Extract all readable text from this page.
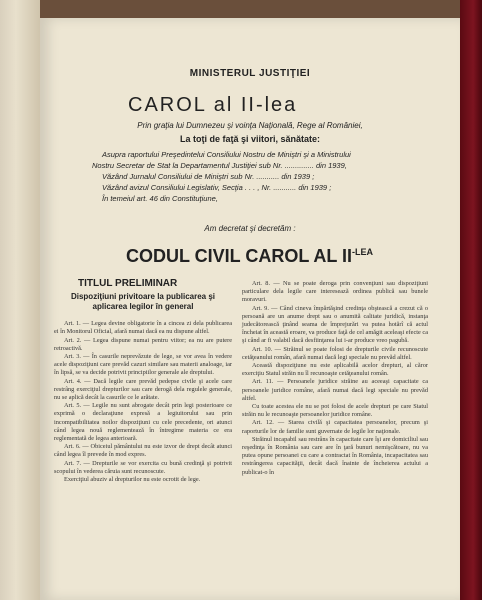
MINISTERUL JUSTIŢIEI
CAROL al II-lea
Prin graţia lui Dumnezeu şi voinţa Naţională, Rege al României,
La toţi de faţă şi viitori, sănătate:
Asupra raportului Preşedintelui Consiliului Nostru de Miniştri şi a Ministrului
Nostru Secretar de Stat la Departamentul Justiţiei sub Nr. .............. din 1939,
Văzând Jurnalul Consiliului de Miniştri sub Nr. ........... din 1939 ;
Văzând avizul Consiliului Legislativ, Secţia . . . , Nr. ........... din 1939 ;
În temeiul art. 46 din Constituţiune,
Am decretat şi decretăm :
CODUL CIVIL CAROL AL $II^{-LEA}$
TITLUL PRELIMINAR
Dispoziţiuni privitoare la publicarea şi aplicarea legilor în general

Art. 1. — Legea devine obligatorie în a cincea zi dela publicarea ei în Monitorul Oficial, afară numai dacă ea nu dispune altfel.

Art. 2. — Legea dispune numai pentru viitor; ea nu are putere retroactivă.

Art. 3. — În casurile neprevăzute de lege, se vor avea în vedere acele dispoziţiuni care prevăd cazuri similare sau materii analoage, iar în lipsă, se va decide potrivit principiilor generale ale dreptului.

Art. 4. — Dacă legile care prevăd pedepse civile şi acele care restrâng exerciţiul drepturilor sau care derogă dela regulele generale, nu se aplică decât la casurile ce le arătate.

Art. 5. — Legile nu sunt abrogate decât prin legi posterioare ce exprimă o declaraţiune expresă a legiuitorului sau prin incompatibilitatea noilor dispoziţiuni cu cele precedente, ori atunci când legea nouă reglementează în întregime materia ce era reglementată de legea anterioară.

Art. 6. — Obiceiul pământului nu este izvor de drept decât atunci când legea îl prevede în mod expres.

Art. 7. — Drepturile se vor exercita cu bună credinţă şi potrivit scopului în vederea căruia sunt recunoscute.

Exerciţiul abuziv al drepturilor nu este ocrotit de lege.

Art. 8. — Nu se poate deroga prin convenţiuni sau dispoziţiuni particulare dela legile care interesează ordinea publică sau bunele moravuri.

Art. 9. — Când cineva împărtăşind credinţa obştească a crezut că o persoană are un anume drept sau o anumită calitate juridică, instanţa judecătorească ţinând seama de împrejurări va putea hotărî că actul încheiat în această eroare, va produce faţă de cel amăgit aceleaşi efecte ca şi când ar fi valabil dacă desfiinţarea lui i-ar produce vreo pagubă.

Art. 10. — Străinul se poate folosi de drepturile civile recunoscute cetăţeanului român, afară numai dacă legi speciale nu prevăd altfel.

Această dispoziţiune nu este aplicabilă acelor drepturi, al căror exerciţiu Statul străin nu îl recunoaşte cetăţeanului român.

Art. 11. — Persoanele juridice străine au aceeaşi capacitate ca persoanele juridice române, afară numai dacă legi speciale nu prevăd altfel.

Cu toate acestea ele nu se pot folosi de acele drepturi pe care Statul străin nu le recunoaşte persoanelor juridice române.

Art. 12. — Starea civilă şi capacitatea persoanelor, precum şi raporturile lor de familie sunt guvernate de legile lor naţionale.

Străinul incapabil sau restrâns în capacitate care îşi are domiciliul sau reşedinţa în România sau care are în ţară bunuri nemişcătoare, nu va putea opune persoanei cu care a contractat în România, incapacitatea sau restrângerea capacităţii, decât dacă înainte de încheierea actului a publicat-o în
